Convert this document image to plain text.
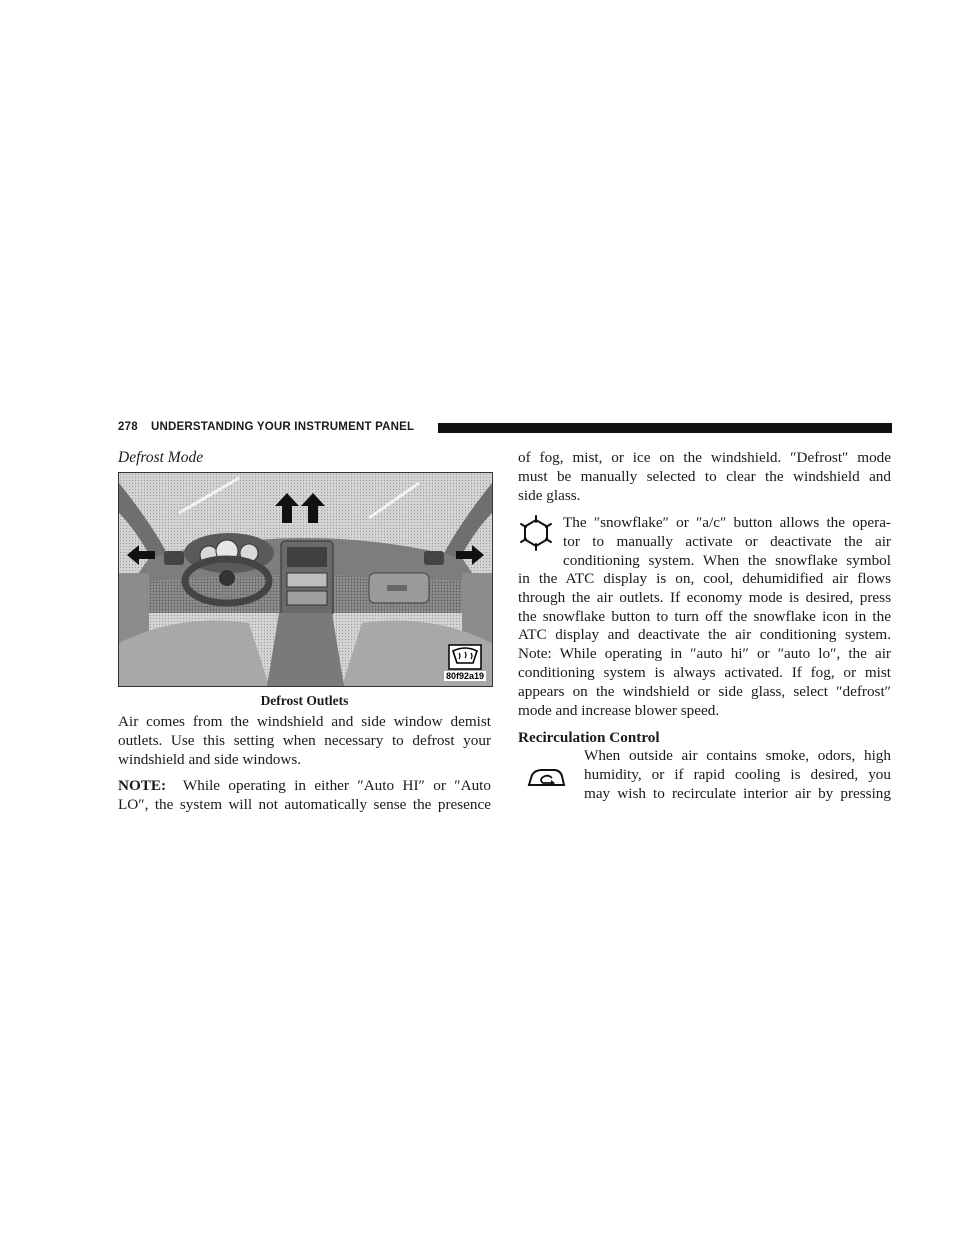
278 UNDERSTANDING YOUR INSTRUMENT PANEL
Defrost Mode
80f92a19
Defrost Outlets
Air comes from the windshield and side window demist
outlets. Use this setting when necessary to defrost your
windshield and side windows.
NOTE: While operating in either ″Auto HI″ or ″Auto
LO″, the system will not automatically sense the presence
of fog, mist, or ice on the windshield. ″Defrost″ mode
must be manually selected to clear the windshield and
side glass.
The ″snowflake″ or ″a/c″ button allows the opera-
tor to manually activate or deactivate the air
conditioning system. When the snowflake symbol
in the ATC display is on, cool, dehumidified air flows
through the air outlets. If economy mode is desired, press
the snowflake button to turn off the snowflake icon in the
ATC display and deactivate the air conditioning system.
Note: While operating in ″auto hi″ or ″auto lo″, the air
conditioning system is always activated. If fog, or mist
appears on the windshield or side glass, select ″defrost″
mode and increase blower speed.
Recirculation Control
When outside air contains smoke, odors, high
humidity, or if rapid cooling is desired, you
may wish to recirculate interior air by pressing
